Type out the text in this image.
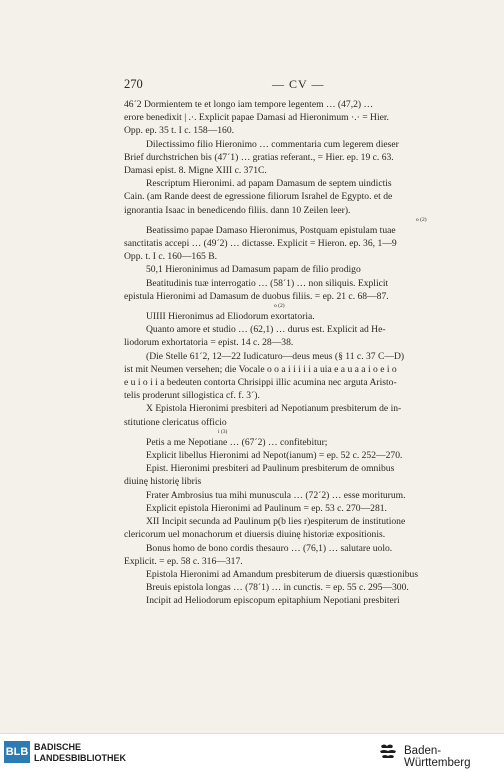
270	— CV —
46´2 Dormientem te et longo iam tempore legentem … (47,2) …
erore benedixit | .·. Explicit papae Damasi ad Hieronimum ·.· = Hier.
Opp. ep. 35 t. I c. 158—160.
Dilectissimo filio Hieronimo … commentaria cum legerem dieser
Brief durchstrichen bis (47´1) … gratias referant., = Hier. ep. 19 c. 63.
Damasi epist. 8. Migne XIII c. 371C.
Rescriptum Hieronimi. ad papam Damasum de septem uindictis
Cain. (am Rande deest de egressione filiorum Israhel de Egypto. et de
ignorantia Isaac in benedicendo filiis. dann 10 Zeilen leer).
o (2)
Beatissimo papae Damaso Hieronimus, Postquam epistulam tuae
sanctitatis accepi … (49´2) … dictasse. Explicit = Hieron. ep. 36, 1—9
Opp. t. I c. 160—165 B.
50,1 Hieroninimus ad Damasum papam de filio prodigo
Beatitudinis tuæ interrogatio … (58´1) … non siliquis. Explicit
epistula Hieronimi ad Damasum de duobus filiis. = ep. 21 c. 68—87.
o (2)
UIIII Hieronimus ad Eliodorum exortatoria.
Quanto amore et studio … (62,1) … durus est. Explicit ad He-
liodorum exhortatoria = epist. 14 c. 28—38.
(Die Stelle 61´2, 12—22 Iudicaturo—deus meus (§ 11 c. 37 C—D)
ist mit Neumen versehen; die Vocale o o a i i i i i a uia e a u a a i o e i o
e u i o i i a bedeuten contorta Chrisippi illic acumina nec arguta Aristo-
telis proderunt sillogistica cf. f. 3´).
X Epistola Hieronimi presbiteri ad Nepotianum presbiterum de in-
stitutione clericatus officio
i (3)
Petis a me Nepotiane … (67´2) … confitebitur;
Explicit libellus Hieronimi ad Nepot(ianum) = ep. 52 c. 252—270.
Epist. Hieronimi presbiteri ad Paulinum presbiterum de omnibus
diuinę historię libris
Frater Ambrosius tua mihi munuscula … (72´2) … esse moriturum.
Explicit epistola Hieronimi ad Paulinum = ep. 53 c. 270—281.
XII Incipit secunda ad Paulinum p(b lies r)espiterum de institutione
clericorum uel monachorum et diuersis diuinę historiæ expositionis.
Bonus homo de bono cordis thesauro … (76,1) … salutare uolo.
Explicit. = ep. 58 c. 316—317.
Epistola Hieronimi ad Amandum presbiterum de diuersis quæstionibus
Breuis epistola longas … (78´1) … in cunctis. = ep. 55 c. 295—300.
Incipit ad Heliodorum episcopum epitaphium Nepotiani presbiteri
BLB BADISCHE
LANDESBIBLIOTHEK
Baden-Württemberg
